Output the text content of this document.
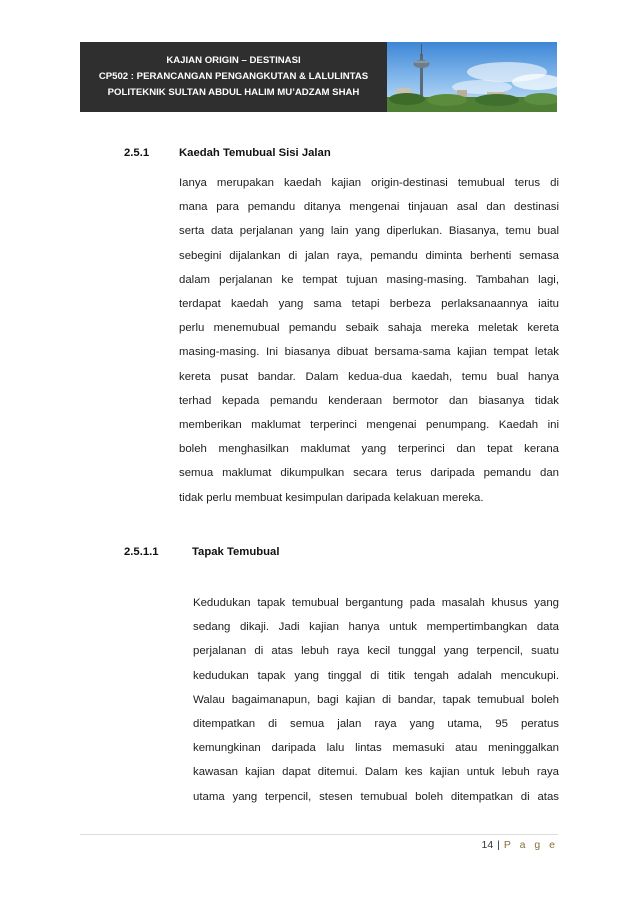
KAJIAN ORIGIN – DESTINASI
CP502 : PERANCANGAN PENGANGKUTAN & LALULINTAS
POLITEKNIK SULTAN ABDUL HALIM MU’ADZAM SHAH
2.5.1	Kaedah Temubual Sisi Jalan
Ianya merupakan kaedah kajian origin-destinasi temubual terus di
mana para pemandu ditanya mengenai tinjauan asal dan destinasi
serta data perjalanan yang lain yang diperlukan. Biasanya, temu bual
sebegini dijalankan di jalan raya, pemandu diminta berhenti semasa
dalam perjalanan ke tempat tujuan masing-masing. Tambahan lagi,
terdapat kaedah yang sama tetapi berbeza perlaksanaannya iaitu
perlu menemubual pemandu sebaik sahaja mereka meletak kereta
masing-masing. Ini biasanya dibuat bersama-sama kajian tempat letak
kereta pusat bandar. Dalam kedua-dua kaedah, temu bual hanya
terhad kepada pemandu kenderaan bermotor dan biasanya tidak
memberikan maklumat terperinci mengenai penumpang. Kaedah ini
boleh menghasilkan maklumat yang terperinci dan tepat kerana
semua maklumat dikumpulkan secara terus daripada pemandu dan
tidak perlu membuat kesimpulan daripada kelakuan mereka.
2.5.1.1	Tapak Temubual
Kedudukan tapak temubual bergantung pada masalah khusus yang
sedang dikaji. Jadi kajian hanya untuk mempertimbangkan data
perjalanan di atas lebuh raya kecil tunggal yang terpencil, suatu
kedudukan tapak yang tinggal di titik tengah adalah mencukupi.
Walau bagaimanapun, bagi kajian di bandar, tapak temubual boleh
ditempatkan di semua jalan raya yang utama, 95 peratus
kemungkinan daripada lalu lintas memasuki atau meninggalkan
kawasan kajian dapat ditemui. Dalam kes kajian untuk lebuh raya
utama yang terpencil, stesen temubual boleh ditempatkan di atas
14 | P a g e
